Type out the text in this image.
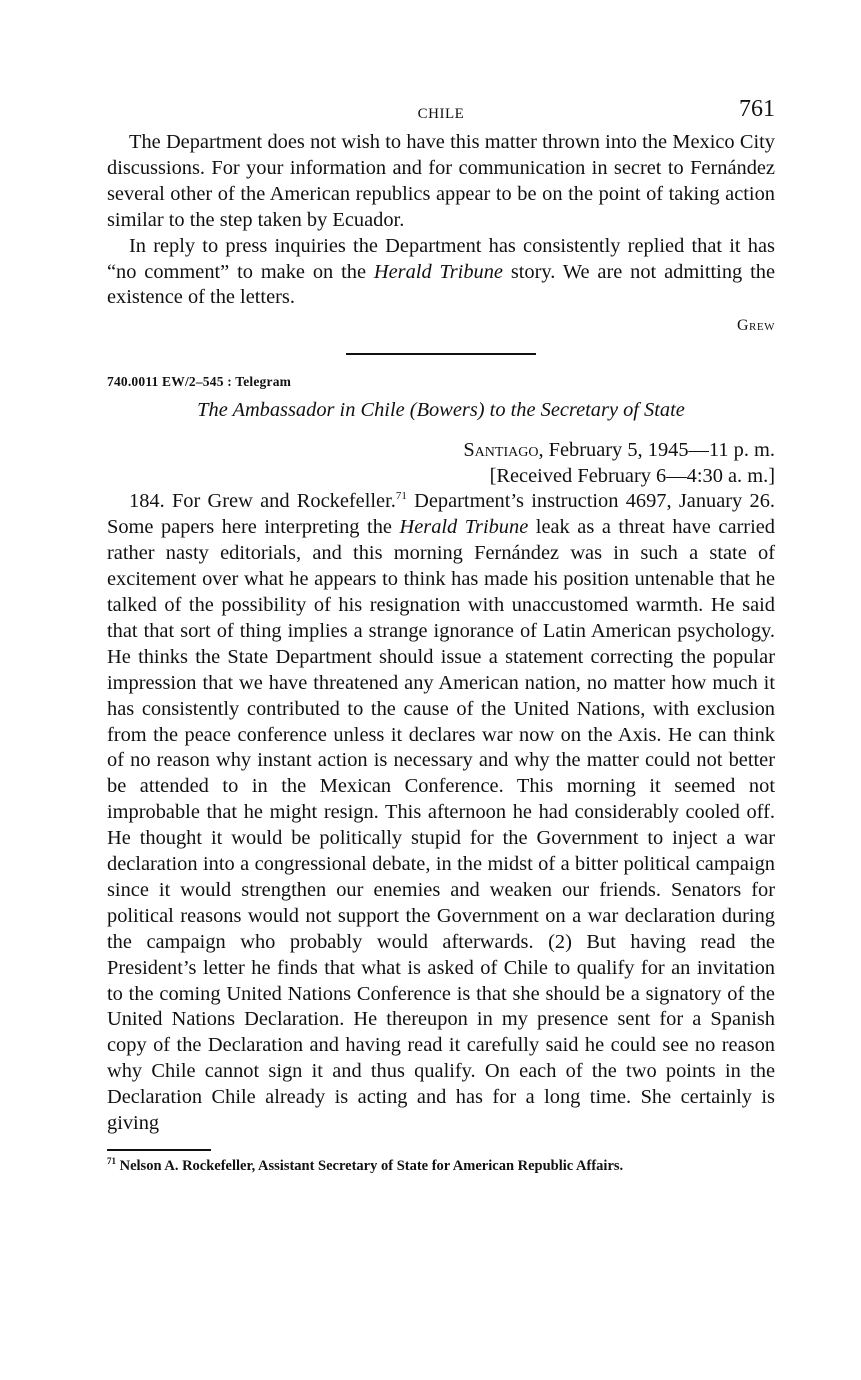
CHILE	761

The Department does not wish to have this matter thrown into the Mexico City discussions. For your information and for communication in secret to Fernández several other of the American republics appear to be on the point of taking action similar to the step taken by Ecuador.

In reply to press inquiries the Department has consistently replied that it has “no comment” to make on the Herald Tribune story. We are not admitting the existence of the letters.

Grew
740.0011 EW/2–545 : Telegram
The Ambassador in Chile (Bowers) to the Secretary of State
Santiago, February 5, 1945—11 p. m.
[Received February 6—4:30 a. m.]

184. For Grew and Rockefeller.$^{71}$ Department’s instruction 4697, January 26. Some papers here interpreting the Herald Tribune leak as a threat have carried rather nasty editorials, and this morning Fernández was in such a state of excitement over what he appears to think has made his position untenable that he talked of the possibility of his resignation with unaccustomed warmth. He said that that sort of thing implies a strange ignorance of Latin American psychology. He thinks the State Department should issue a statement correcting the popular impression that we have threatened any American nation, no matter how much it has consistently contributed to the cause of the United Nations, with exclusion from the peace conference unless it declares war now on the Axis. He can think of no reason why instant action is necessary and why the matter could not better be attended to in the Mexican Conference. This morning it seemed not improbable that he might resign. This afternoon he had considerably cooled off. He thought it would be politically stupid for the Government to inject a war declaration into a congressional debate, in the midst of a bitter political campaign since it would strengthen our enemies and weaken our friends. Senators for political reasons would not support the Government on a war declaration during the campaign who probably would afterwards. (2) But having read the President’s letter he finds that what is asked of Chile to qualify for an invitation to the coming United Nations Conference is that she should be a signatory of the United Nations Declaration. He thereupon in my presence sent for a Spanish copy of the Declaration and having read it carefully said he could see no reason why Chile cannot sign it and thus qualify. On each of the two points in the Declaration Chile already is acting and has for a long time. She certainly is giving

$^{71}$ Nelson A. Rockefeller, Assistant Secretary of State for American Republic Affairs.
